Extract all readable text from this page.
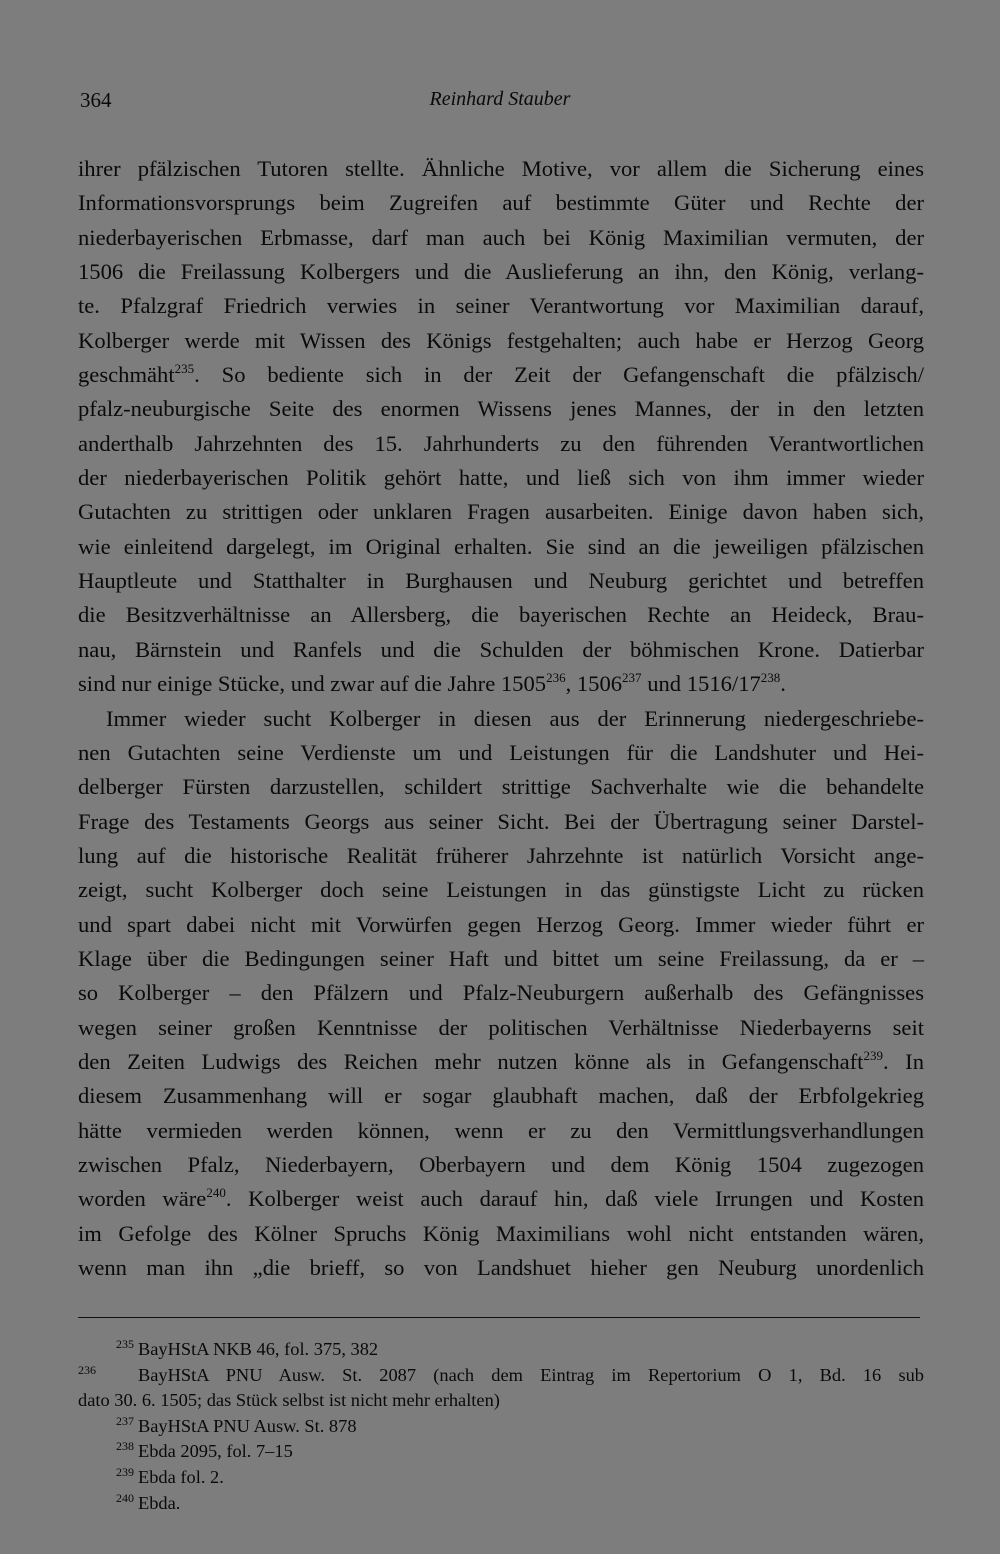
364	Reinhard Stauber
ihrer pfälzischen Tutoren stellte. Ähnliche Motive, vor allem die Sicherung eines
Informationsvorsprungs beim Zugreifen auf bestimmte Güter und Rechte der
niederbayerischen Erbmasse, darf man auch bei König Maximilian vermuten, der
1506 die Freilassung Kolbergers und die Auslieferung an ihn, den König, verlang-
te. Pfalzgraf Friedrich verwies in seiner Verantwortung vor Maximilian darauf,
Kolberger werde mit Wissen des Königs festgehalten; auch habe er Herzog Georg
geschmäht$^{235}$. So bediente sich in der Zeit der Gefangenschaft die pfälzisch/
pfalz-neuburgische Seite des enormen Wissens jenes Mannes, der in den letzten
anderthalb Jahrzehnten des 15. Jahrhunderts zu den führenden Verantwortlichen
der niederbayerischen Politik gehört hatte, und ließ sich von ihm immer wieder
Gutachten zu strittigen oder unklaren Fragen ausarbeiten. Einige davon haben sich,
wie einleitend dargelegt, im Original erhalten. Sie sind an die jeweiligen pfälzischen
Hauptleute und Statthalter in Burghausen und Neuburg gerichtet und betreffen
die Besitzverhältnisse an Allersberg, die bayerischen Rechte an Heideck, Brau-
nau, Bärnstein und Ranfels und die Schulden der böhmischen Krone. Datierbar
sind nur einige Stücke, und zwar auf die Jahre 1505$^{236}$, 1506$^{237}$ und $1516/17^{238}$.
Immer wieder sucht Kolberger in diesen aus der Erinnerung niedergeschriebe-
nen Gutachten seine Verdienste um und Leistungen für die Landshuter und Hei-
delberger Fürsten darzustellen, schildert strittige Sachverhalte wie die behandelte
Frage des Testaments Georgs aus seiner Sicht. Bei der Übertragung seiner Darstel-
lung auf die historische Realität früherer Jahrzehnte ist natürlich Vorsicht ange-
zeigt, sucht Kolberger doch seine Leistungen in das günstigste Licht zu rücken
und spart dabei nicht mit Vorwürfen gegen Herzog Georg. Immer wieder führt er
Klage über die Bedingungen seiner Haft und bittet um seine Freilassung, da er –
so Kolberger – den Pfälzern und Pfalz-Neuburgern außerhalb des Gefängnisses
wegen seiner großen Kenntnisse der politischen Verhältnisse Niederbayerns seit
den Zeiten Ludwigs des Reichen mehr nutzen könne als in Gefangenschaft$^{239}$. In
diesem Zusammenhang will er sogar glaubhaft machen, daß der Erbfolgekrieg
hätte vermieden werden können, wenn er zu den Vermittlungsverhandlungen
zwischen Pfalz, Niederbayern, Oberbayern und dem König 1504 zugezogen
worden wäre$^{240}$. Kolberger weist auch darauf hin, daß viele Irrungen und Kosten
im Gefolge des Kölner Spruchs König Maximilians wohl nicht entstanden wären,
wenn man ihn „die brieff, so von Landshuet hieher gen Neuburg unordenlich
235 BayHStA NKB 46, fol. 375, 382
236 BayHStA PNU Ausw. St. 2087 (nach dem Eintrag im Repertorium O 1, Bd. 16 sub
dato 30. 6. 1505; das Stück selbst ist nicht mehr erhalten)
237 BayHStA PNU Ausw. St. 878
238 Ebda 2095, fol. 7–15
239 Ebda fol. 2.
240 Ebda.
